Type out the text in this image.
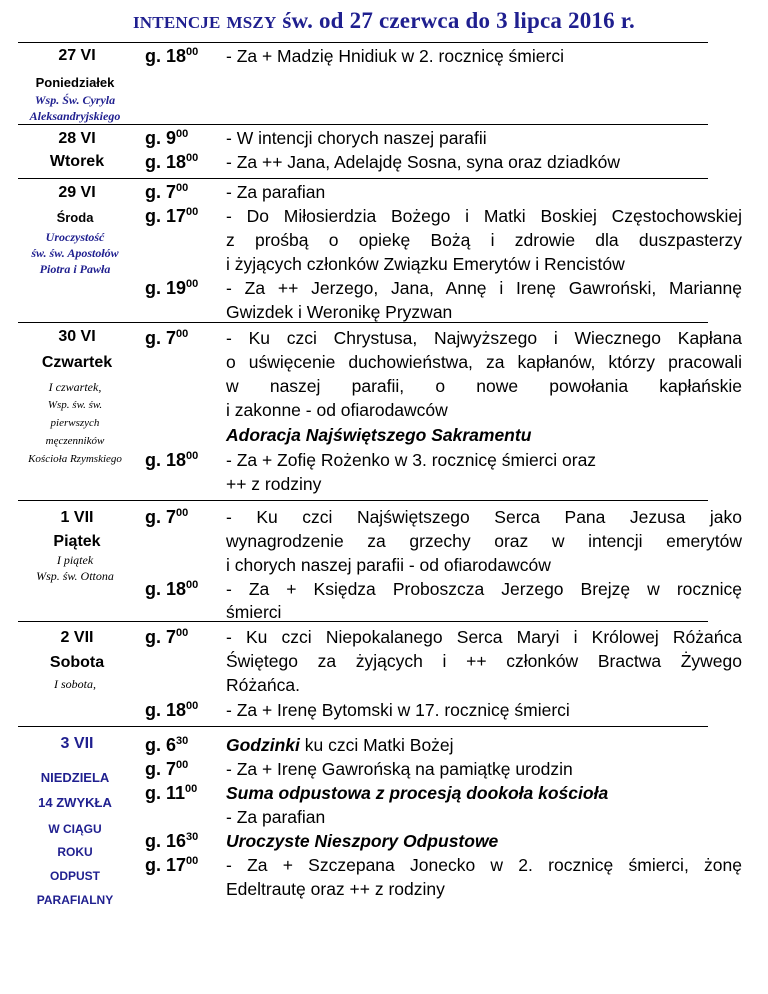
INTENCJE MSZY św. od 27 czerwca do 3 lipca 2016 r.
27 VI
Poniedziałek
Wsp. Św. Cyryla
Aleksandryjskiego
g. $18^{00}$ - Za + Madzię Hnidiuk w 2. rocznicę śmierci
28 VI
Wtorek
g. $9^{00}$
g. $18^{00}$
- W intencji chorych naszej parafii
- Za ++ Jana, Adelajdę Sosna, syna oraz dziadków
29 VI
Środa
Uroczystość
św. św. Apostołów
Piotra i Pawła
g. $7^{00}$
g. $17^{00}$
g. $19^{00}$
- Za parafian
- Do Miłosierdzia Bożego i Matki Boskiej Częstochowskiej
z prośbą o opiekę Bożą i zdrowie dla duszpasterzy
i żyjących członków Związku Emerytów i Rencistów
- Za ++ Jerzego, Jana, Annę i Irenę Gawroński, Mariannę
Gwizdek i Weronikę Pryzwan
30 VI
Czwartek
I czwartek,
Wsp. św. św.
pierwszych
męczenników
Kościoła Rzymskiego
g. $7^{00}$
g. $18^{00}$
- Ku czci Chrystusa, Najwyższego i Wiecznego Kapłana
o uświęcenie duchowieństwa, za kapłanów, którzy pracowali
w naszej parafii, o nowe powołania kapłańskie
i zakonne - od ofiarodawców
Adoracja Najświętszego Sakramentu
- Za + Zofię Rożenko w 3. rocznicę śmierci oraz
++ z rodziny
1 VII
Piątek
I piątek
Wsp. św. Ottona
g. $7^{00}$
g. $18^{00}$
- Ku czci Najświętszego Serca Pana Jezusa jako
wynagrodzenie za grzechy oraz w intencji emerytów
i chorych naszej parafii - od ofiarodawców
- Za + Księdza Proboszcza Jerzego Brejzę w rocznicę
śmierci
2 VII
Sobota
I sobota,
g. $7^{00}$
g. $18^{00}$
- Ku czci Niepokalanego Serca Maryi i Królowej Różańca
Świętego za żyjących i ++ członków Bractwa Żywego
Różańca.
- Za + Irenę Bytomski w 17. rocznicę śmierci
3 VII
NIEDZIELA
14 ZWYKŁA
W CIĄGU
ROKU
ODPUST
PARAFIALNY
g. $6^{30}$
g. $7^{00}$
g. $11^{00}$
g. $16^{30}$
g. $17^{00}$
Godzinki ku czci Matki Bożej
- Za + Irenę Gawrońską na pamiątkę urodzin
Suma odpustowa z procesją dookoła kościoła
- Za parafian
Uroczyste Nieszpory Odpustowe
- Za + Szczepana Jonecko w 2. rocznicę śmierci, żonę
Edeltrautę oraz ++ z rodziny
